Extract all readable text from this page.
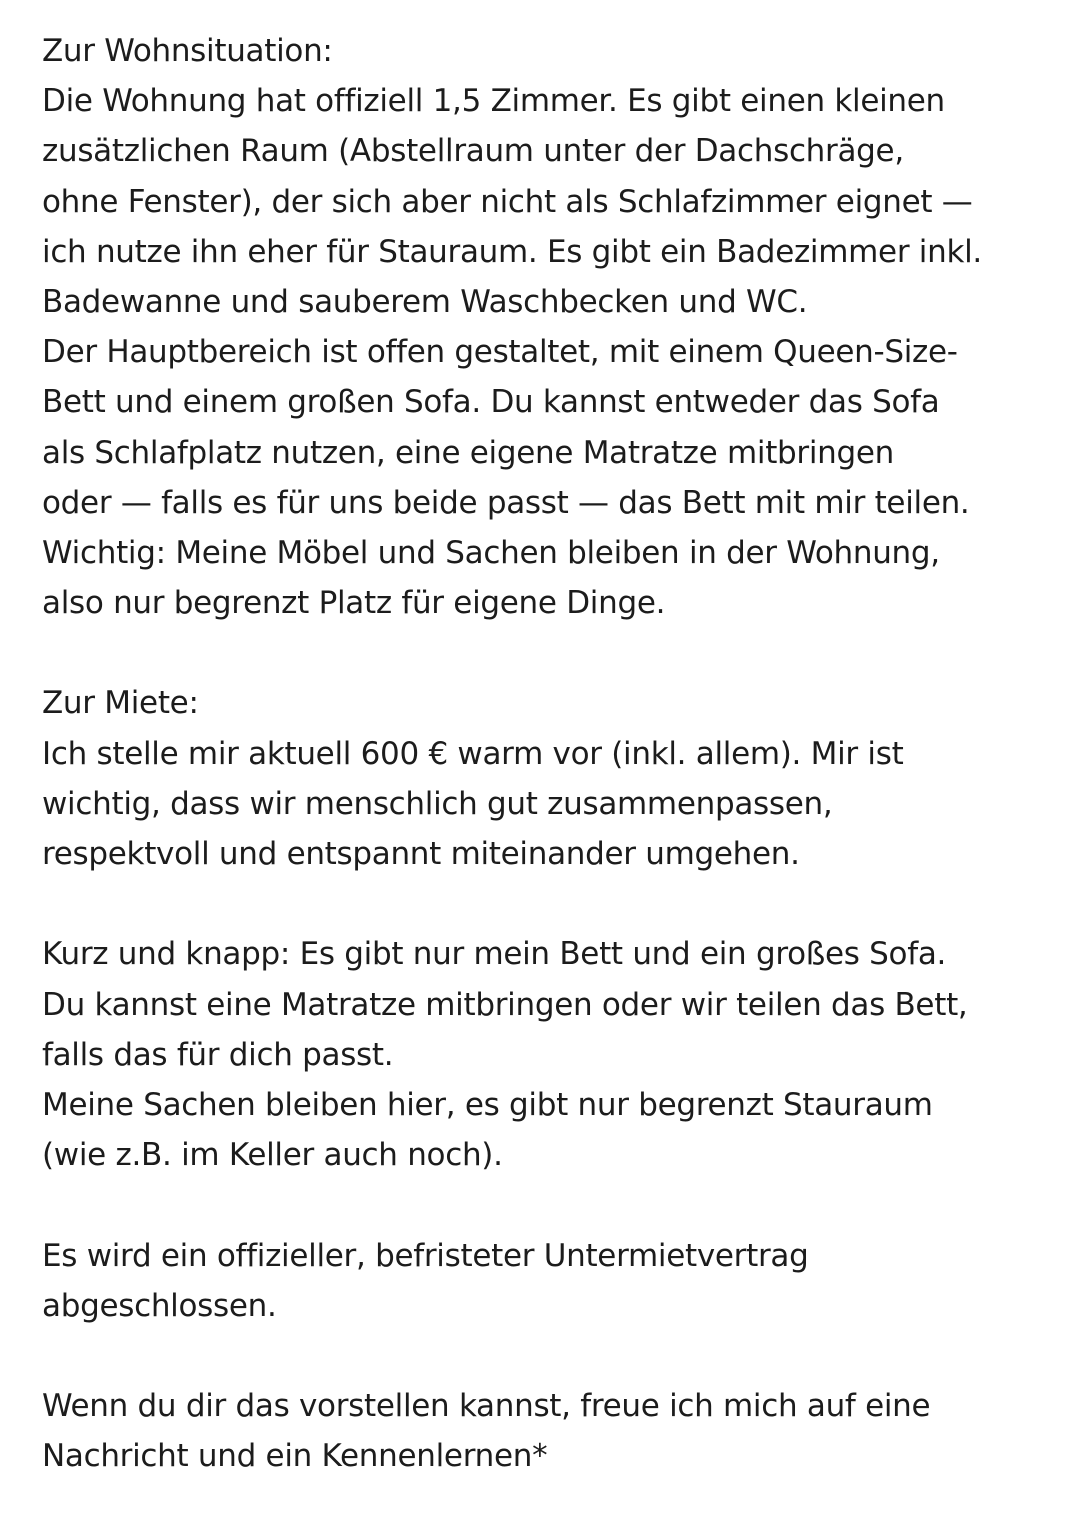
Zur Wohnsituation:
Die Wohnung hat offiziell 1,5 Zimmer. Es gibt einen kleinen
zusätzlichen Raum (Abstellraum unter der Dachschräge,
ohne Fenster), der sich aber nicht als Schlafzimmer eignet —
ich nutze ihn eher für Stauraum. Es gibt ein Badezimmer inkl.
Badewanne und sauberem Waschbecken und WC.
Der Hauptbereich ist offen gestaltet, mit einem Queen-Size-
Bett und einem großen Sofa. Du kannst entweder das Sofa
als Schlafplatz nutzen, eine eigene Matratze mitbringen
oder — falls es für uns beide passt — das Bett mit mir teilen.
Wichtig: Meine Möbel und Sachen bleiben in der Wohnung,
also nur begrenzt Platz für eigene Dinge.
Zur Miete:
Ich stelle mir aktuell 600 € warm vor (inkl. allem). Mir ist
wichtig, dass wir menschlich gut zusammenpassen,
respektvoll und entspannt miteinander umgehen.
Kurz und knapp: Es gibt nur mein Bett und ein großes Sofa.
Du kannst eine Matratze mitbringen oder wir teilen das Bett,
falls das für dich passt.
Meine Sachen bleiben hier, es gibt nur begrenzt Stauraum
(wie z.B. im Keller auch noch).
Es wird ein offizieller, befristeter Untermietvertrag
abgeschlossen.
Wenn du dir das vorstellen kannst, freue ich mich auf eine
Nachricht und ein Kennenlernen*
